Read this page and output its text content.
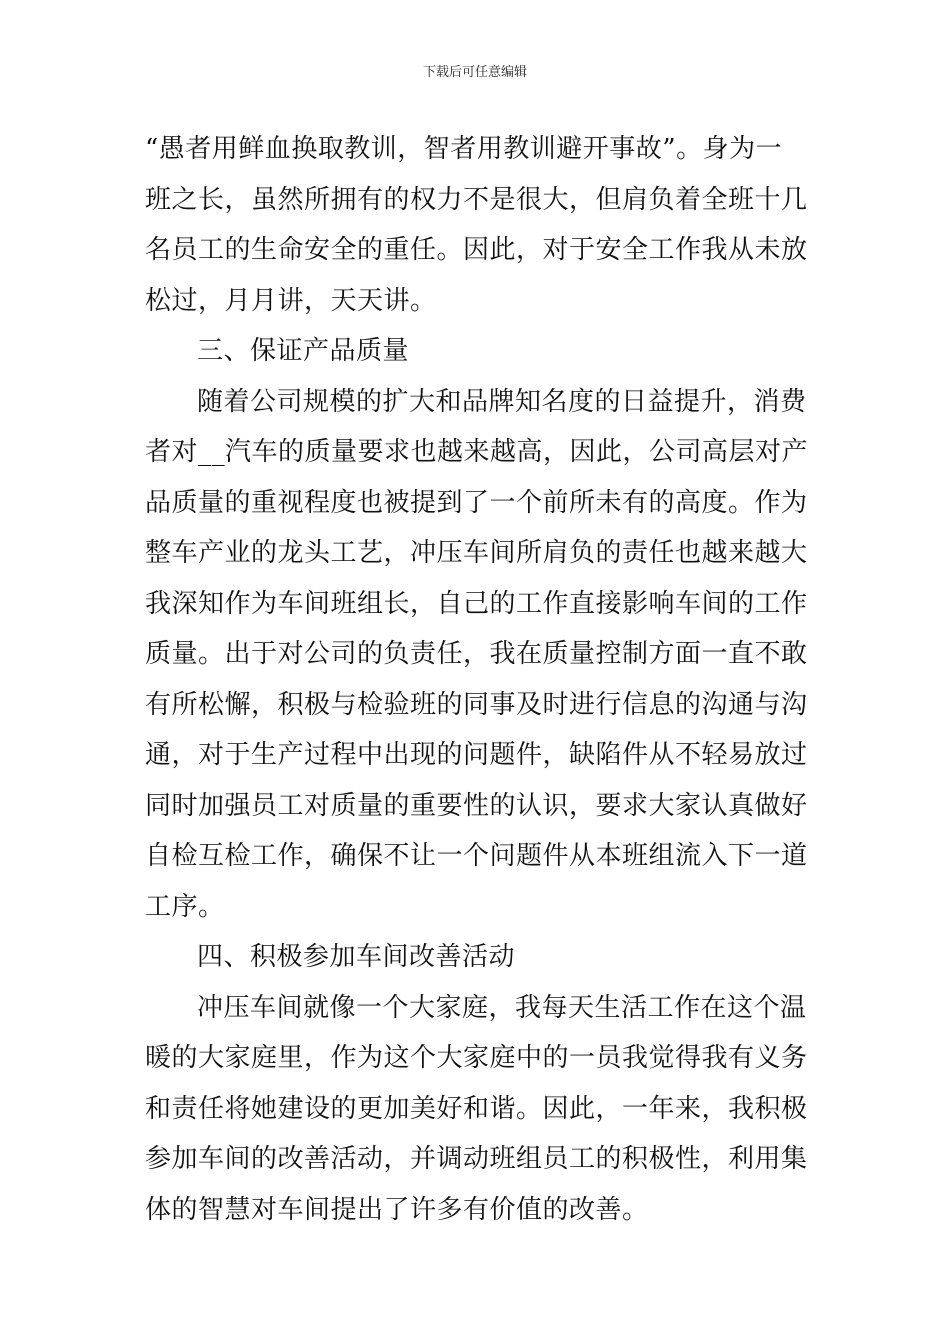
下载后可任意编辑
“愚者用鲜血换取教训，智者用教训避开事故”。身为一
班之长，虽然所拥有的权力不是很大，但肩负着全班十几
名员工的生命安全的重任。因此，对于安全工作我从未放
松过，月月讲，天天讲。
三、保证产品质量
随着公司规模的扩大和品牌知名度的日益提升，消费
者对__汽车的质量要求也越来越高，因此，公司高层对产
品质量的重视程度也被提到了一个前所未有的高度。作为
整车产业的龙头工艺，冲压车间所肩负的责任也越来越大
我深知作为车间班组长，自己的工作直接影响车间的工作
质量。出于对公司的负责任，我在质量控制方面一直不敢
有所松懈，积极与检验班的同事及时进行信息的沟通与沟
通，对于生产过程中出现的问题件，缺陷件从不轻易放过
同时加强员工对质量的重要性的认识，要求大家认真做好
自检互检工作，确保不让一个问题件从本班组流入下一道
工序。
四、积极参加车间改善活动
冲压车间就像一个大家庭，我每天生活工作在这个温
暖的大家庭里，作为这个大家庭中的一员我觉得我有义务
和责任将她建设的更加美好和谐。因此，一年来，我积极
参加车间的改善活动，并调动班组员工的积极性，利用集
体的智慧对车间提出了许多有价值的改善。
